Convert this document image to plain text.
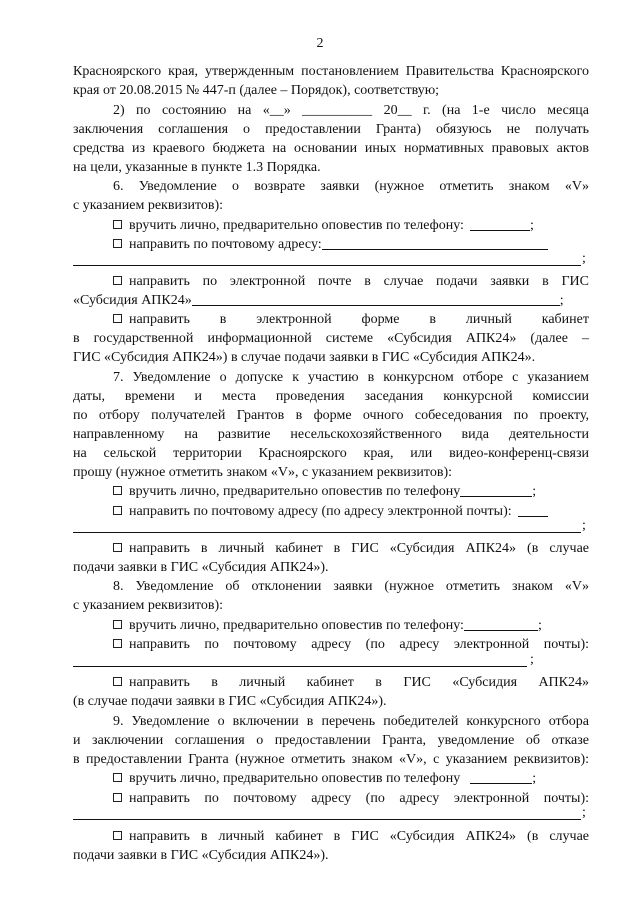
2
Красноярского края, утвержденным постановлением Правительства Красноярского
края от 20.08.2015 № 447-п (далее – Порядок), соответствую;
2) по состоянию на «__» __________ 20__ г. (на 1-е число месяца
заключения соглашения о предоставлении Гранта) обязуюсь не получать
средства из краевого бюджета на основании иных нормативных правовых актов
на цели, указанные в пункте 1.3 Порядка.
6. Уведомление о возврате заявки (нужное отметить знаком «V»
с указанием реквизитов):
вручить лично, предварительно оповестив по телефону:	;
направить по почтовому адресу:
;
направить по электронной почте в случае подачи заявки в ГИС
«Субсидия АПК24»	;
направить в электронной форме в личный кабинет
в государственной информационной системе «Субсидия АПК24» (далее –
ГИС «Субсидия АПК24») в случае подачи заявки в ГИС «Субсидия АПК24».
7. Уведомление о допуске к участию в конкурсном отборе с указанием
даты, времени и места проведения заседания конкурсной комиссии
по отбору получателей Грантов в форме очного собеседования по проекту,
направленному на развитие несельскохозяйственного вида деятельности
на сельской территории Красноярского края, или видео-конференц-связи
прошу (нужное отметить знаком «V», с указанием реквизитов):
вручить лично, предварительно оповестив по телефону	;
направить по почтовому адресу (по адресу электронной почты):
;
направить в личный кабинет в ГИС «Субсидия АПК24» (в случае
подачи заявки в ГИС «Субсидия АПК24»).
8. Уведомление об отклонении заявки (нужное отметить знаком «V»
с указанием реквизитов):
вручить лично, предварительно оповестив по телефону:	;
направить по почтовому адресу (по адресу электронной почты):
;
направить в личный кабинет в ГИС «Субсидия АПК24»
(в случае подачи заявки в ГИС «Субсидия АПК24»).
9. Уведомление о включении в перечень победителей конкурсного отбора
и заключении соглашения о предоставлении Гранта, уведомление об отказе
в предоставлении Гранта (нужное отметить знаком «V», с указанием реквизитов):
вручить лично, предварительно оповестив по телефону	;
направить по почтовому адресу (по адресу электронной почты):
;
направить в личный кабинет в ГИС «Субсидия АПК24» (в случае
подачи заявки в ГИС «Субсидия АПК24»).
